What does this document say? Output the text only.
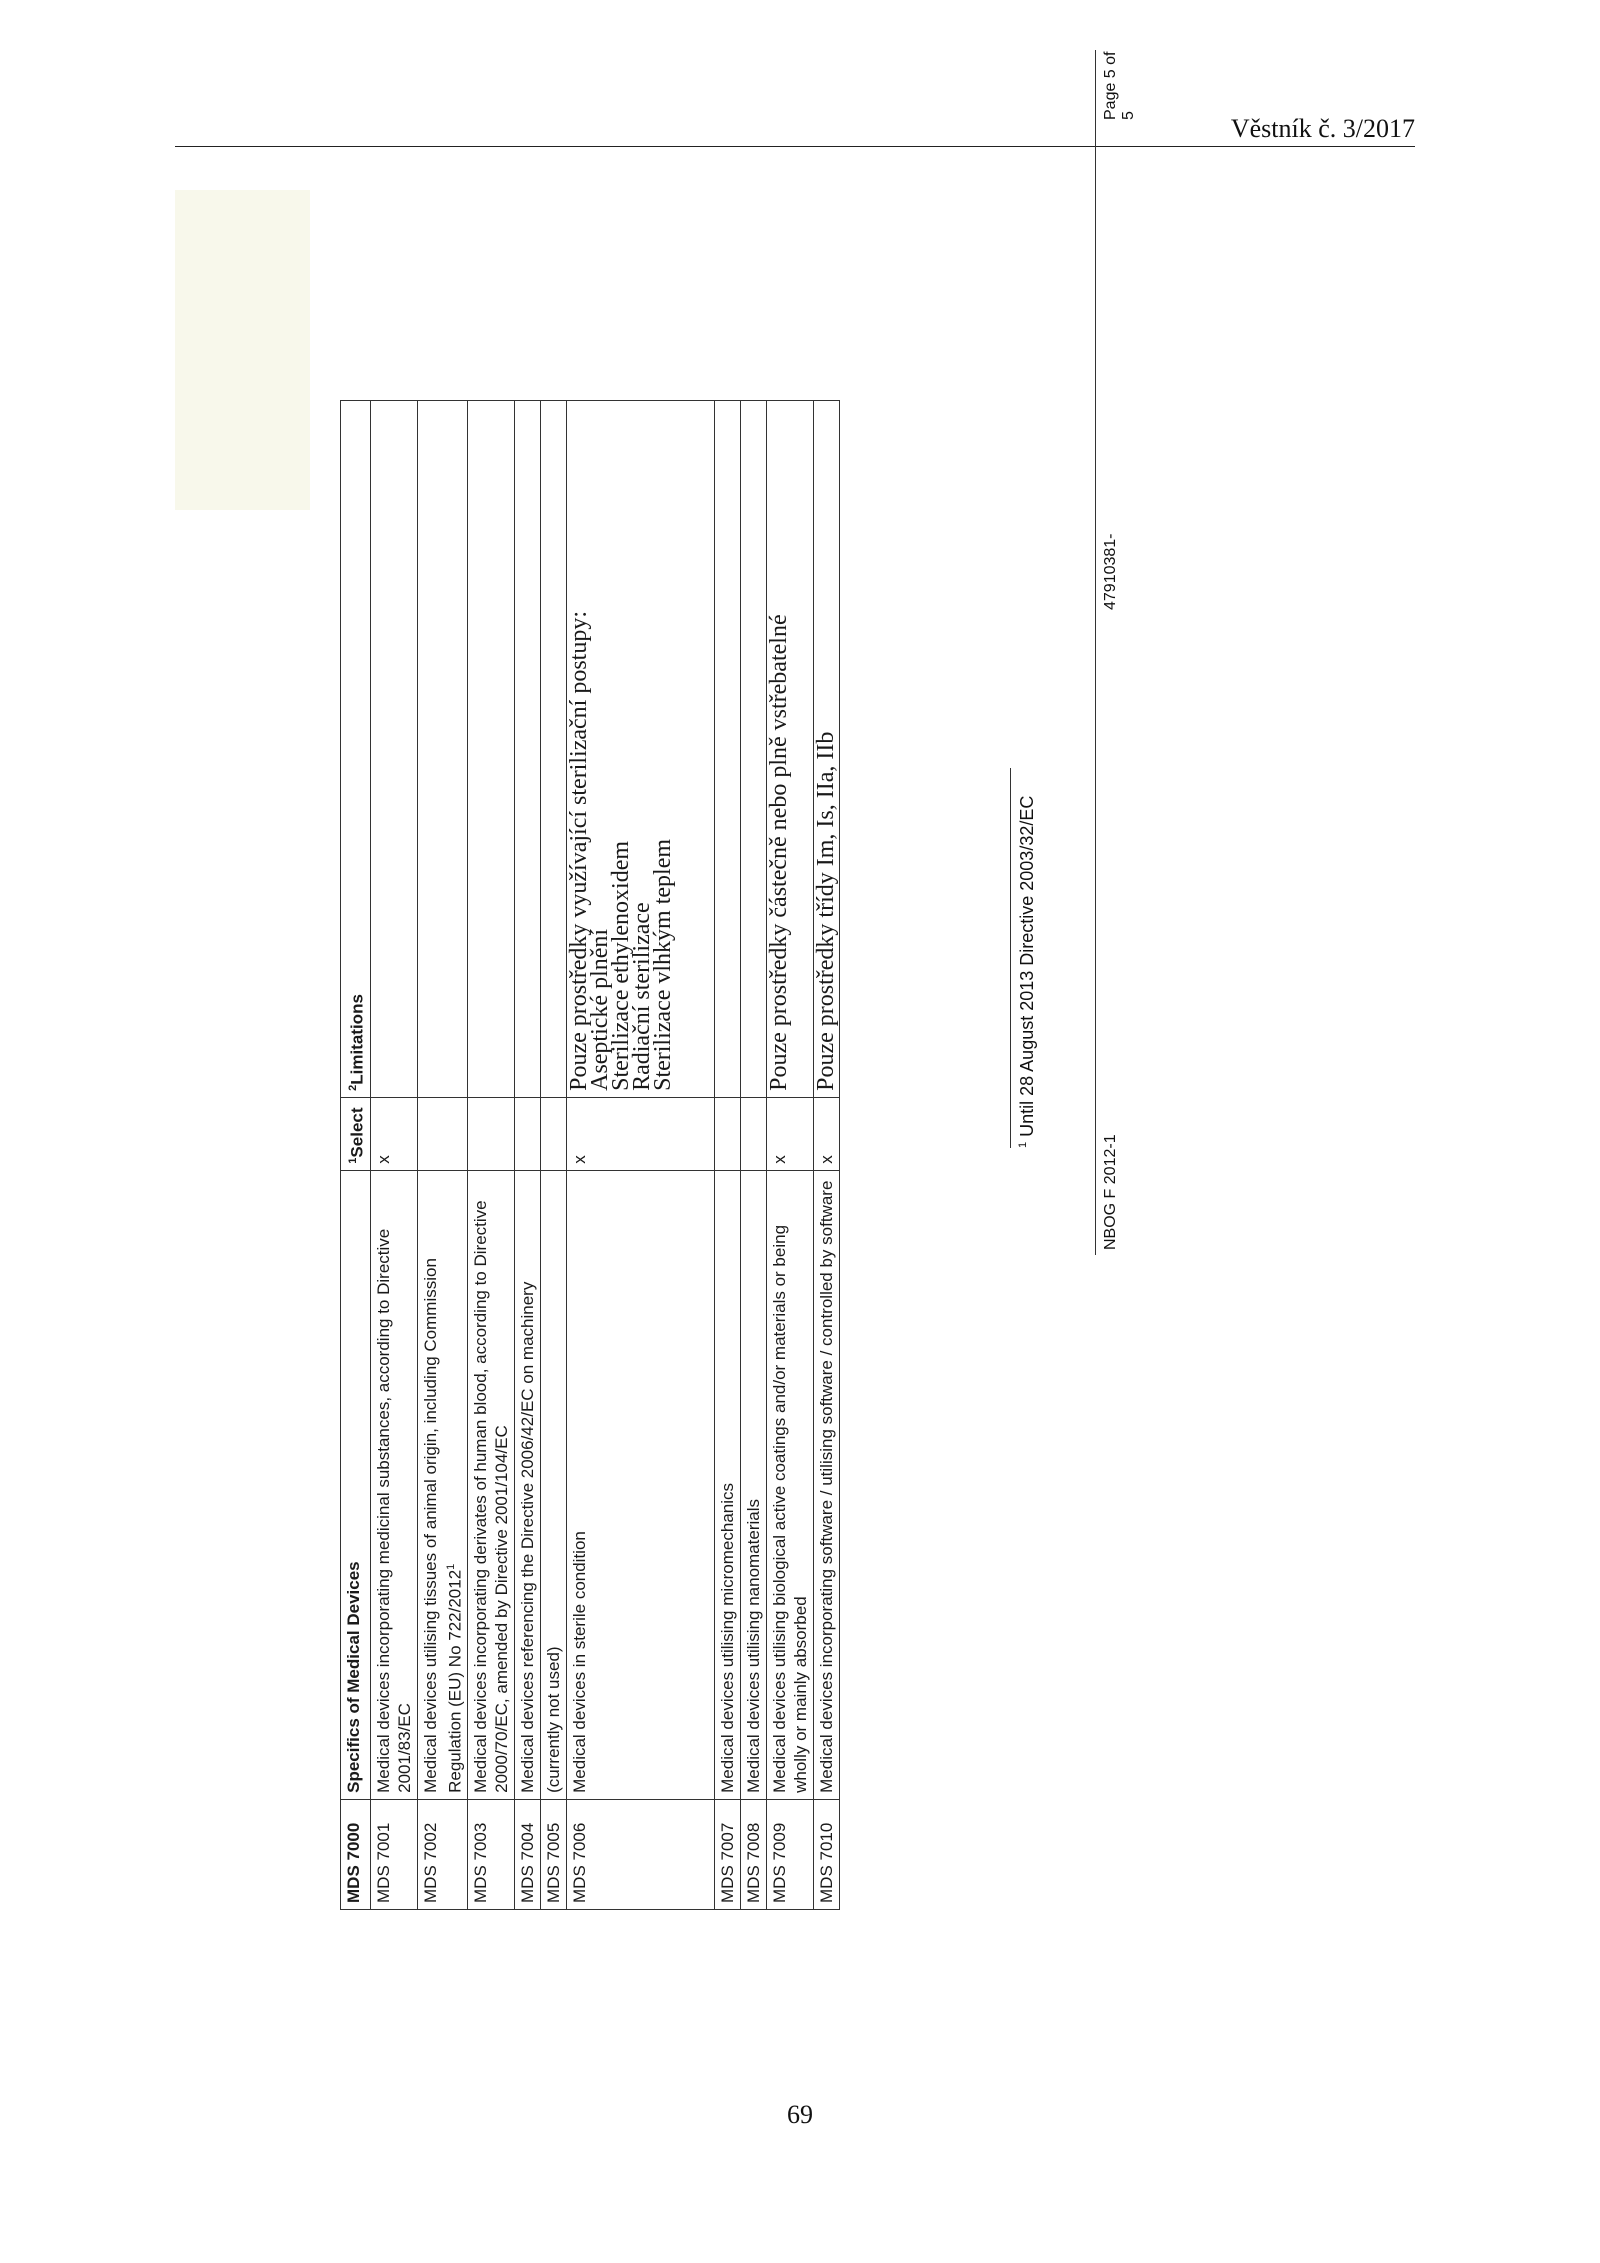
Věstník č. 3/2017
MDS 7000	Specifics of Medical Devices	$^1$Select	$^2$Limitations
MDS 7001	Medical devices incorporating medicinal substances, according to Directive 2001/83/EC	x	
MDS 7002	Medical devices utilising tissues of animal origin, including Commission Regulation (EU) No 722/2012$^1$		
MDS 7003	Medical devices incorporating derivates of human blood, according to Directive 2000/70/EC, amended by Directive 2001/104/EC		
MDS 7004	Medical devices referencing the Directive 2006/42/EC on machinery		
MDS 7005	(currently not used)		
MDS 7006	Medical devices in sterile condition	x	Pouze prostředky využívající sterilizační postupy:
Aseptické plnění
Sterilizace ethylenoxidem
Radiační sterilizace
Sterilizace vlhkým teplem

MDS 7007	Medical devices utilising micromechanics		
MDS 7008	Medical devices utilising nanomaterials		
MDS 7009	Medical devices utilising biological active coatings and/or materials or being wholly or mainly absorbed	x	Pouze prostředky částečně nebo plně vstřebatelné

MDS 7010	Medical devices incorporating software / utilising software / controlled by software	x	Pouze prostředky třídy Im, Is, IIa, IIb
$^1$ Until 28 August 2013 Directive 2003/32/EC
NBOG F 2012-1
47910381-
Page 5 of 5
69
